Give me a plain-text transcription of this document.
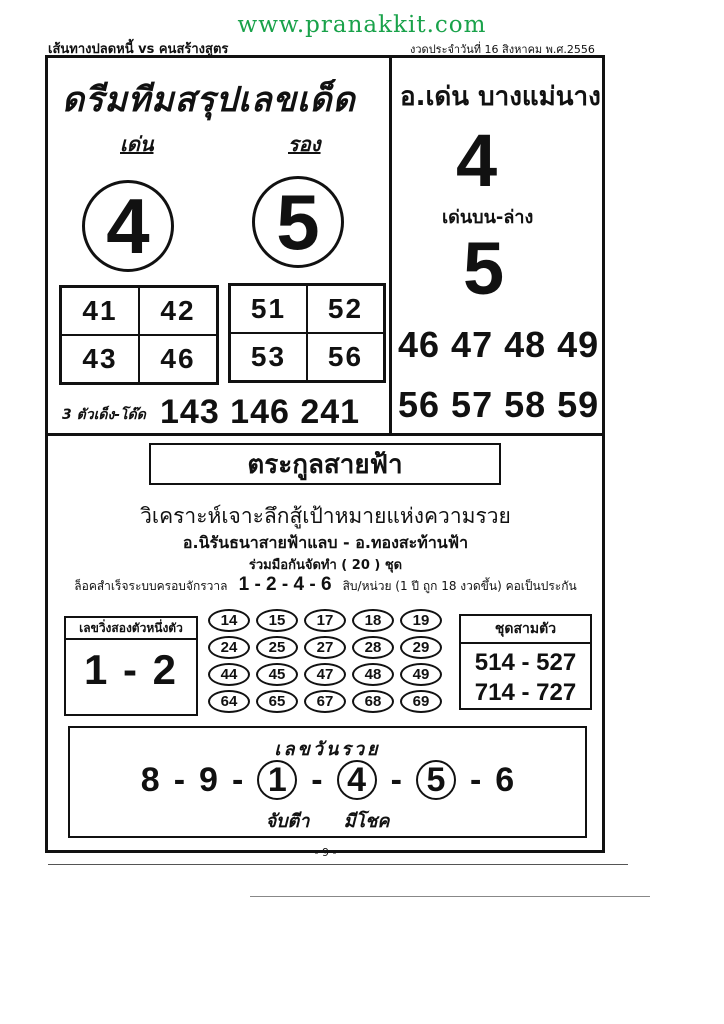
www.pranakkit.com
เส้นทางปลดหนี้ vs คนสร้างสูตร	งวดประจำวันที่ 16 สิงหาคม พ.ศ.2556
ดรีมทีมสรุปเลขเด็ด
เด่น	รอง
4 5
41	42
43	46
51	52
53	56
3 ตัวเด็ง-โด๊ด 143 146 241
อ.เด่น บางแม่นาง
4
เด่นบน-ล่าง
5
46 47 48 49
56 57 58 59
ตระกูลสายฟ้า
วิเคราะห์เจาะลึกสู้เป้าหมายแห่งความรวย
อ.นิรันธนาสายฟ้าแลบ - อ.ทองสะท้านฟ้า
ร่วมมือกันจัดทำ ( 20 ) ชุด
ล็อคสำเร็จระบบครอบจักรวาล 1 - 2 - 4 - 6 สิบ/หน่วย (1 ปี ถูก 18 งวดขึ้น) คอเป็นประกัน
เลขวิ่งสองตัวหนึ่งตัว
1 - 2
14	15	17	18	19
24	25	27	28	29
44	45	47	48	49
64	65	67	68	69
ชุดสามตัว
514 - 527
714 - 727
เลขวันรวย
8 - 9 - 1 - 4 - 5 - 6
จับตีา มีโชค
- 9 -
